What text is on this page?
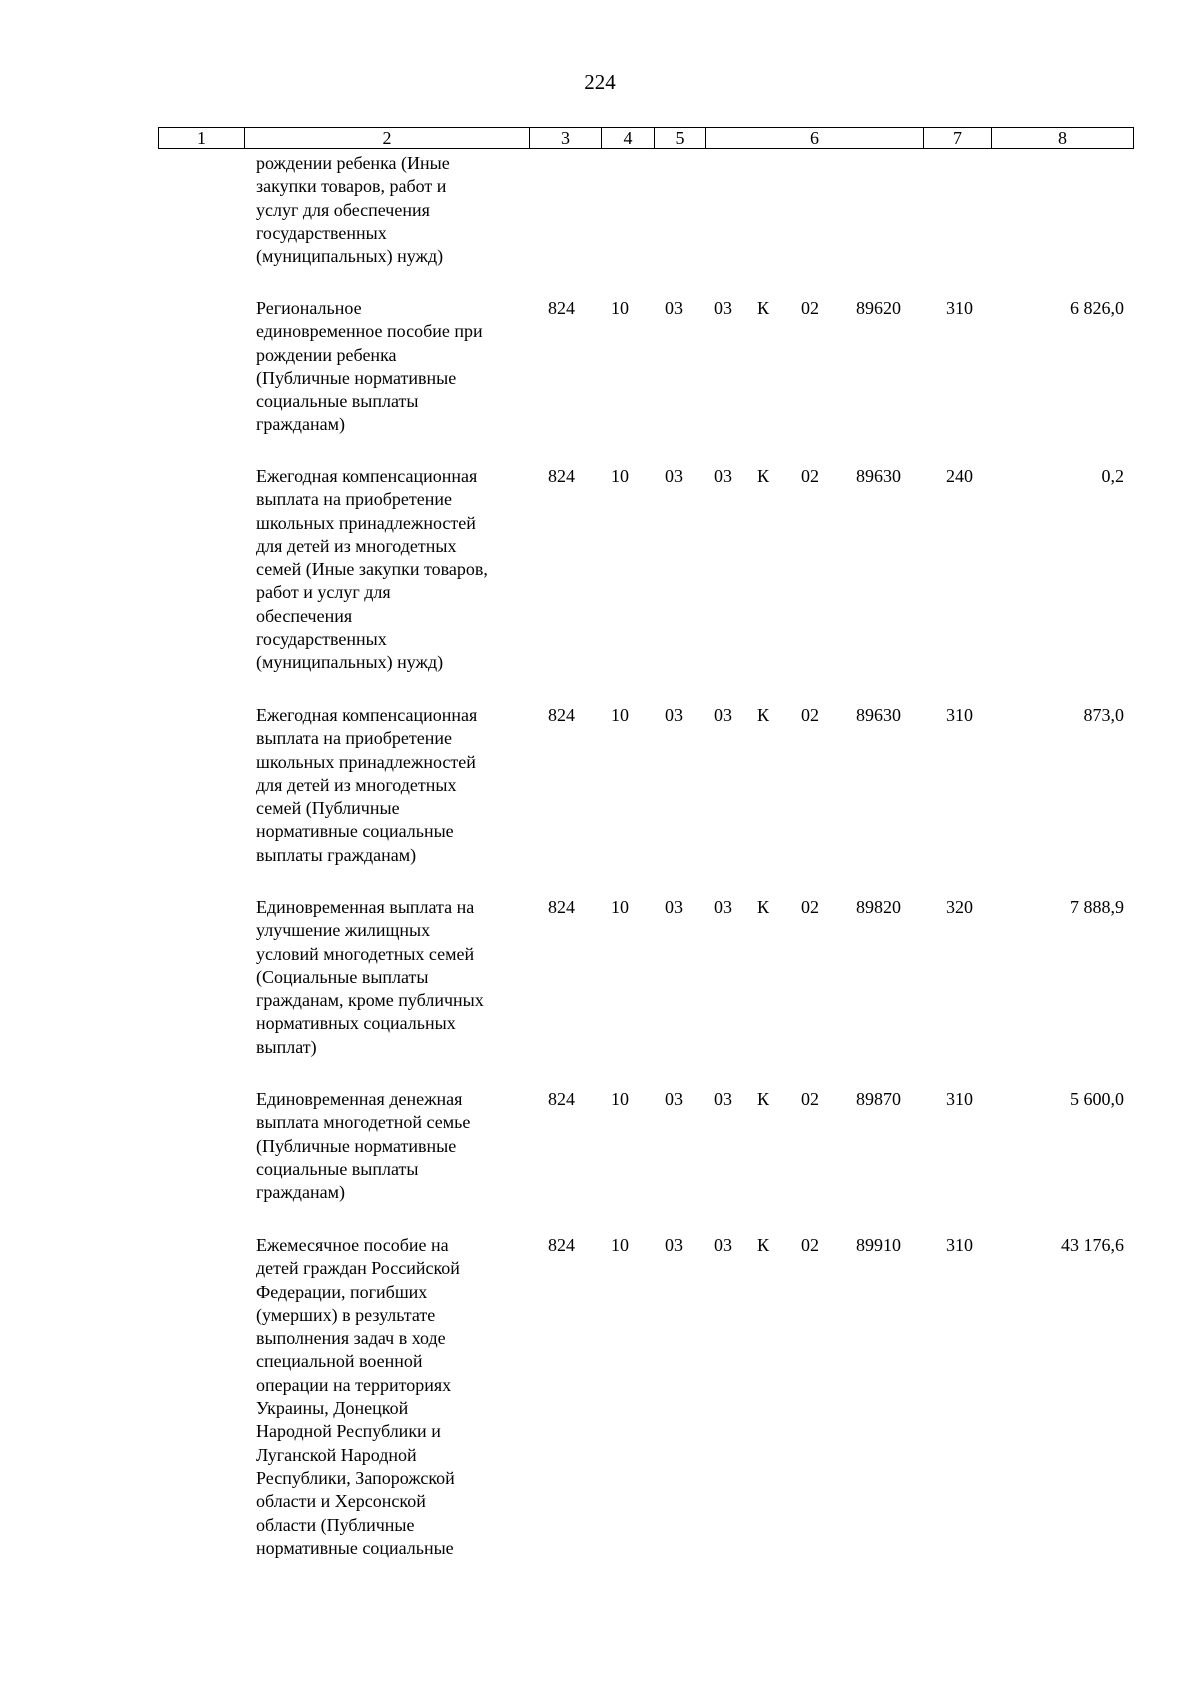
224
1	2	3	4	5	6	7	8
рождении ребенка (Иные
закупки товаров, работ и
услуг для обеспечения
государственных
(муниципальных) нужд)
Региональное
единовременное пособие при
рождении ребенка
(Публичные нормативные
социальные выплаты
гражданам)
824 10 03 03 К 02 89620	310	6 826,0
Ежегодная компенсационная
выплата на приобретение
школьных принадлежностей
для детей из многодетных
семей (Иные закупки товаров,
работ и услуг для
обеспечения
государственных
(муниципальных) нужд)
824 10 03 03 К 02 89630	240	0,2
Ежегодная компенсационная
выплата на приобретение
школьных принадлежностей
для детей из многодетных
семей (Публичные
нормативные социальные
выплаты гражданам)
824 10 03 03 К 02 89630	310	873,0
Единовременная выплата на
улучшение жилищных
условий многодетных семей
(Социальные выплаты
гражданам, кроме публичных
нормативных социальных
выплат)
824 10 03 03 К 02 89820	320	7 888,9
Единовременная денежная
выплата многодетной семье
(Публичные нормативные
социальные выплаты
гражданам)
824 10 03 03 К 02 89870	310	5 600,0
Ежемесячное пособие на
детей граждан Российской
Федерации, погибших
(умерших) в результате
выполнения задач в ходе
специальной военной
операции на территориях
Украины, Донецкой
Народной Республики и
Луганской Народной
Республики, Запорожской
области и Херсонской
области (Публичные
нормативные социальные
824 10 03 03 К 02 89910	310	43 176,6
